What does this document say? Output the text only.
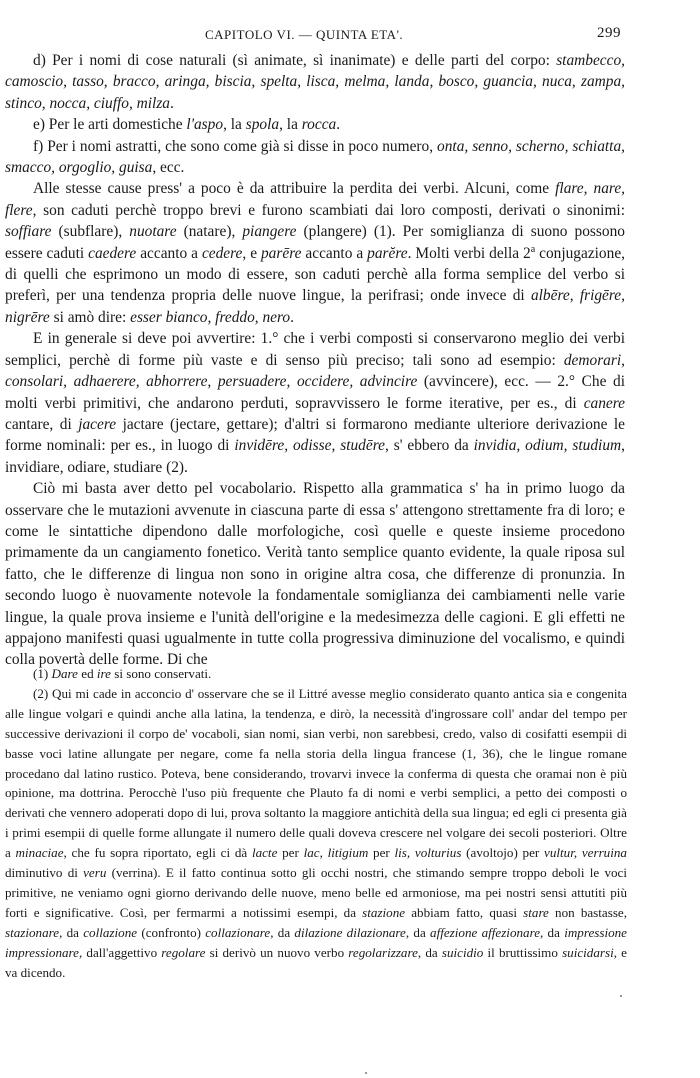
CAPITOLO VI. — QUINTA ETA'.	299

d) Per i nomi di cose naturali (sì animate, sì inanimate) e delle parti del corpo: stambecco, camoscio, tasso, bracco, aringa, biscia, spelta, lisca, melma, landa, bosco, guancia, nuca, zampa, stinco, nocca, ciuffo, milza.

e) Per le arti domestiche l'aspo, la spola, la rocca.

f) Per i nomi astratti, che sono come già si disse in poco numero, onta, senno, scherno, schiatta, smacco, orgoglio, guisa, ecc.

Alle stesse cause press' a poco è da attribuire la perdita dei verbi. Alcuni, come flare, nare, flere, son caduti perchè troppo brevi e furono scambiati dai loro composti, derivati o sinonimi: soffiare (subflare), nuotare (natare), piangere (plangere) (1). Per somiglianza di suono possono essere caduti caedere accanto a cedere, e parēre accanto a parĕre. Molti verbi della 2$^a$ conjugazione, di quelli che esprimono un modo di essere, son caduti perchè alla forma semplice del verbo si preferì, per una tendenza propria delle nuove lingue, la perifrasi; onde invece di albēre, frigēre, nigrēre si amò dire: esser bianco, freddo, nero.

E in generale si deve poi avvertire: 1.° che i verbi composti si conservarono meglio dei verbi semplici, perchè di forme più vaste e di senso più preciso; tali sono ad esempio: demorari, consolari, adhaerere, abhorrere, persuadere, occidere, advincire (avvincere), ecc. — 2.° Che di molti verbi primitivi, che andarono perduti, sopravvissero le forme iterative, per es., di canere cantare, di jacere jactare (jectare, gettare); d'altri si formarono mediante ulteriore derivazione le forme nominali: per es., in luogo di invidēre, odisse, studēre, s' ebbero da invidia, odium, studium, invidiare, odiare, studiare (2).

Ciò mi basta aver detto pel vocabolario. Rispetto alla grammatica s' ha in primo luogo da osservare che le mutazioni avvenute in ciascuna parte di essa s' attengono strettamente fra di loro; e come le sintattiche dipendono dalle morfologiche, così quelle e queste insieme procedono primamente da un cangiamento fonetico. Verità tanto semplice quanto evidente, la quale riposa sul fatto, che le differenze di lingua non sono in origine altra cosa, che differenze di pronunzia. In secondo luogo è nuovamente notevole la fondamentale somiglianza dei cambiamenti nelle varie lingue, la quale prova insieme e l'unità dell'origine e la medesimezza delle cagioni. E gli effetti ne appajono manifesti quasi ugualmente in tutte colla progressiva diminuzione del vocalismo, e quindi colla povertà delle forme. Di che

(1) Dare ed ire si sono conservati.

(2) Qui mi cade in acconcio d' osservare che se il Littré avesse meglio considerato quanto antica sia e congenita alle lingue volgari e quindi anche alla latina, la tendenza, e dirò, la necessità d'ingrossare coll' andar del tempo per successive derivazioni il corpo de' vocaboli, sian nomi, sian verbi, non sarebbesi, credo, valso di cosifatti esempii di basse voci latine allungate per negare, come fa nella storia della lingua francese (1, 36), che le lingue romane procedano dal latino rustico. Poteva, bene considerando, trovarvi invece la conferma di questa che oramai non è più opinione, ma dottrina. Perocchè l'uso più frequente che Plauto fa di nomi e verbi semplici, a petto dei composti o derivati che vennero adoperati dopo di lui, prova soltanto la maggiore antichità della sua lingua; ed egli ci presenta già i primi esempii di quelle forme allungate il numero delle quali doveva crescere nel volgare dei secoli posteriori. Oltre a minaciae, che fu sopra riportato, egli ci dà lacte per lac, litigium per lis, volturius (avoltojo) per vultur, verruina diminutivo di veru (verrina). E il fatto continua sotto gli occhi nostri, che stimando sempre troppo deboli le voci primitive, ne veniamo ogni giorno derivando delle nuove, meno belle ed armoniose, ma pei nostri sensi attutiti più forti e significative. Così, per fermarmi a notissimi esempi, da stazione abbiam fatto, quasi stare non bastasse, stazionare, da collazione (confronto) collazionare, da dilazione dilazionare, da affezione affezionare, da impressione impressionare, dall'aggettivo regolare si derivò un nuovo verbo regolarizzare, da suicidio il bruttissimo suicidarsi, e va dicendo.
